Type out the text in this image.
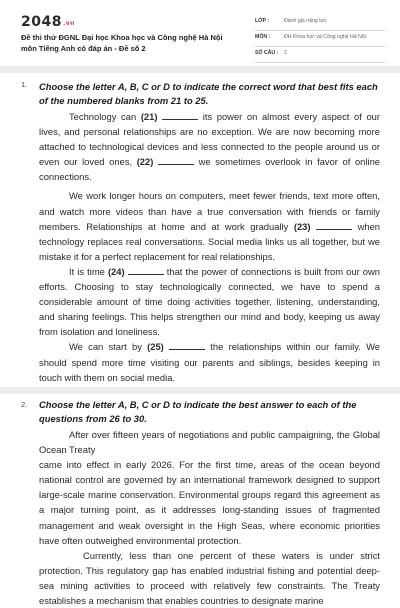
2048.vn
Đề thi thử ĐGNL Đại học Khoa học và Công nghệ Hà Nội
môn Tiếng Anh có đáp án - Đề số 2
LỚP :	Đánh giá năng lực
MÔN :	ĐH Khoa học và Công nghệ Hà Nội
SỐ CÂU : 2
1. Choose the letter A, B, C or D to indicate the correct word that best fits each of the numbered blanks from 21 to 25.

Technology can (21)	its power on almost every aspect of our lives, and personal relationships are no exception. We are now becoming more attached to technological devices and less connected to the people around us or even our loved ones, (22)	we sometimes overlook in favor of online connections.

We work longer hours on computers, meet fewer friends, text more often, and watch more videos than have a true conversation with friends or family members. Relationships at home and at work gradually (23)	when technology replaces real conversations. Social media links us all together, but we mistake it for a perfect replacement for real relationships.

It is time (24)	that the power of connections is built from our own efforts. Choosing to stay technologically connected, we have to spend a considerable amount of time doing activities together, listening, understanding, and sharing feelings. This helps strengthen our mind and body, keeping us away from isolation and loneliness.

We can start by (25)	the relationships within our family. We should spend more time visiting our parents and siblings, besides keeping in touch with them on social media.

2. Choose the letter A, B, C or D to indicate the best answer to each of the questions from 26 to 30.

After over fifteen years of negotiations and public campaigning, the Global Ocean Treaty

came into effect in early 2026. For the first time, areas of the ocean beyond national control are governed by an international framework designed to support large-scale marine conservation. Environmental groups regard this agreement as a major turning point, as it addresses long-standing issues of fragmented management and weak oversight in the High Seas, where economic priorities have often outweighed environmental protection.

Currently, less than one percent of these waters is under strict protection. This regulatory gap has enabled industrial fishing and potential deep-sea mining activities to proceed with relatively few constraints. The Treaty establishes a mechanism that enables countries to designate marine
